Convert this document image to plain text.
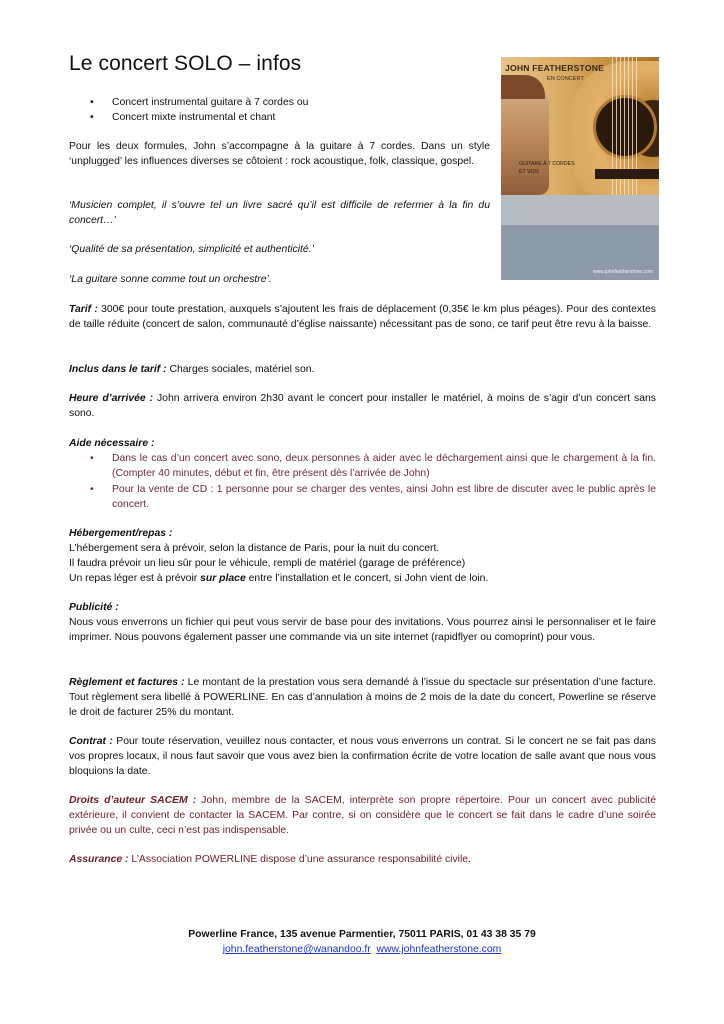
Le concert SOLO – infos
• Concert instrumental guitare à 7 cordes ou
• Concert mixte instrumental et chant

Pour les deux formules, John s’accompagne à la guitare à 7 cordes. Dans un style ‘unplugged’ les influences diverses se côtoient : rock acoustique, folk, classique, gospel.

‘Musicien complet, il s’ouvre tel un livre sacré qu’il est difficile de refermer à la fin du concert…’

‘Qualité de sa présentation, simplicité et authenticité.’

‘La guitare sonne comme tout un orchestre’.

JOHN FEATHERSTONE
EN CONCERT
GUITARE À 7 CORDES
ET VOIX
www.johnfeatherstone.com

Tarif : 300€ pour toute prestation, auxquels s’ajoutent les frais de déplacement (0,35€ le km plus péages). Pour des contextes de taille réduite (concert de salon, communauté d’église naissante) nécessitant pas de sono, ce tarif peut être revu à la baisse.

Inclus dans le tarif : Charges sociales, matériel son.

Heure d’arrivée : John arrivera environ 2h30 avant le concert pour installer le matériel, à moins de s’agir d’un concert sans sono.

Aide nécessaire :

• Dans le cas d’un concert avec sono, deux personnes à aider avec le déchargement ainsi que le chargement à la fin. (Compter 40 minutes, début et fin, être présent dès l’arrivée de John)

• Pour la vente de CD : 1 personne pour se charger des ventes, ainsi John est libre de discuter avec le public après le concert.

Hébergement/repas :

L’hébergement sera à prévoir, selon la distance de Paris, pour la nuit du concert.

Il faudra prévoir un lieu sûr pour le véhicule, rempli de matériel (garage de préférence)

Un repas léger est à prévoir sur place entre l’installation et le concert, si John vient de loin.

Publicité :

Nous vous enverrons un fichier qui peut vous servir de base pour des invitations. Vous pourrez ainsi le personnaliser et le faire imprimer. Nous pouvons également passer une commande via un site internet (rapidflyer ou comoprint) pour vous.

Règlement et factures : Le montant de la prestation vous sera demandé à l’issue du spectacle sur présentation d’une facture. Tout règlement sera libellé à POWERLINE. En cas d’annulation à moins de 2 mois de la date du concert, Powerline se réserve le droit de facturer 25% du montant.

Contrat : Pour toute réservation, veuillez nous contacter, et nous vous enverrons un contrat. Si le concert ne se fait pas dans vos propres locaux, il nous faut savoir que vous avez bien la confirmation écrite de votre location de salle avant que nous vous bloquions la date.

Droits d’auteur SACEM : John, membre de la SACEM, interprète son propre répertoire. Pour un concert avec publicité extérieure, il convient de contacter la SACEM. Par contre, si on considère que le concert se fait dans le cadre d’une soirée privée ou un culte, ceci n’est pas indispensable.

Assurance : L’Association POWERLINE dispose d’une assurance responsabilité civile.

Powerline France, 135 avenue Parmentier, 75011 PARIS, 01 43 38 35 79
john.featherstone@wanandoo.fr www.johnfeatherstone.com
